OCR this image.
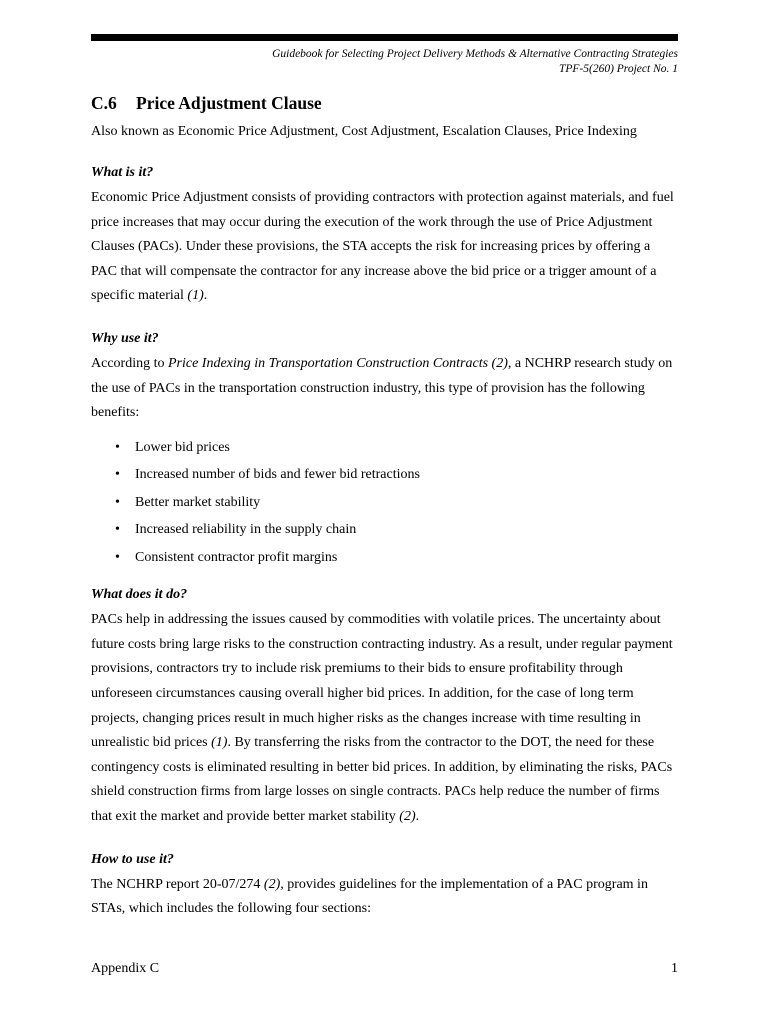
Guidebook for Selecting Project Delivery Methods & Alternative Contracting Strategies
TPF-5(260) Project No. 1
C.6 Price Adjustment Clause

Also known as Economic Price Adjustment, Cost Adjustment, Escalation Clauses, Price Indexing

What is it?

Economic Price Adjustment consists of providing contractors with protection against materials, and fuel price increases that may occur during the execution of the work through the use of Price Adjustment Clauses (PACs). Under these provisions, the STA accepts the risk for increasing prices by offering a PAC that will compensate the contractor for any increase above the bid price or a trigger amount of a specific material (1).

Why use it?

According to Price Indexing in Transportation Construction Contracts (2), a NCHRP research study on the use of PACs in the transportation construction industry, this type of provision has the following benefits:

• Lower bid prices
• Increased number of bids and fewer bid retractions
• Better market stability
• Increased reliability in the supply chain
• Consistent contractor profit margins
What does it do?

PACs help in addressing the issues caused by commodities with volatile prices. The uncertainty about future costs bring large risks to the construction contracting industry. As a result, under regular payment provisions, contractors try to include risk premiums to their bids to ensure profitability through unforeseen circumstances causing overall higher bid prices. In addition, for the case of long term projects, changing prices result in much higher risks as the changes increase with time resulting in unrealistic bid prices (1). By transferring the risks from the contractor to the DOT, the need for these contingency costs is eliminated resulting in better bid prices. In addition, by eliminating the risks, PACs shield construction firms from large losses on single contracts. PACs help reduce the number of firms that exit the market and provide better market stability (2).

How to use it?

The NCHRP report 20-07/274 (2), provides guidelines for the implementation of a PAC program in STAs, which includes the following four sections:

Appendix C	1
